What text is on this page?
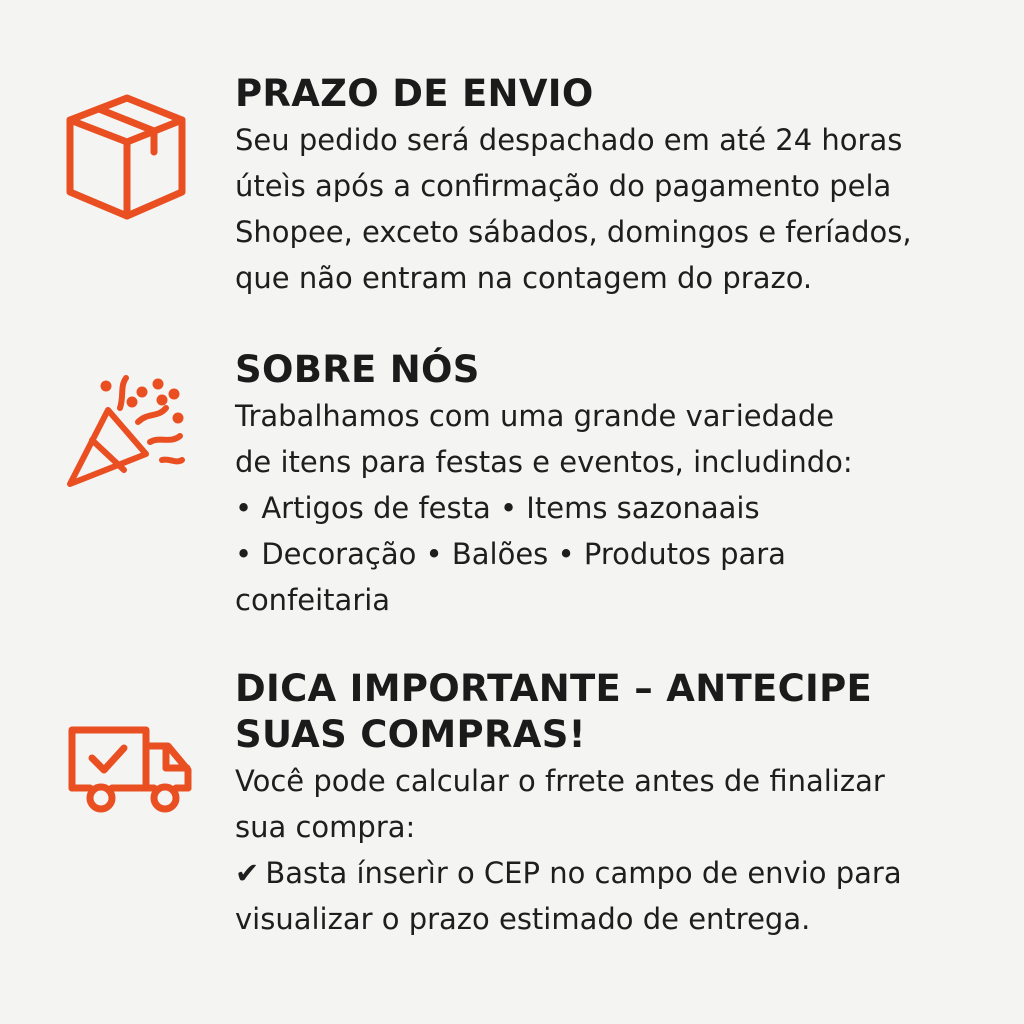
PRAZO DE ENVIO

Seu pedido será despachado em até 24 horas
útеìs após a confirmação do pagamento pela
Shopee, exceto sábados, domingos e feríados,
que não entram na contagem do prazo.

SOBRE NÓS

Trabalhamos com uma grande vaгiedade
de itens para festas e eventos, includindo:
• Artigos de festa • Items sazonaais
• Decoração • Balões • Produtos para
confeitaria

DICA IMPORTANTE – ANTECIPE
SUAS COMPRAS!

Você pode calcular o frrete antes de finalizar
sua compra:
✔ Basta ínserìr o CEP no campo de envio para
visualizar o prazo estimado de entrega.
